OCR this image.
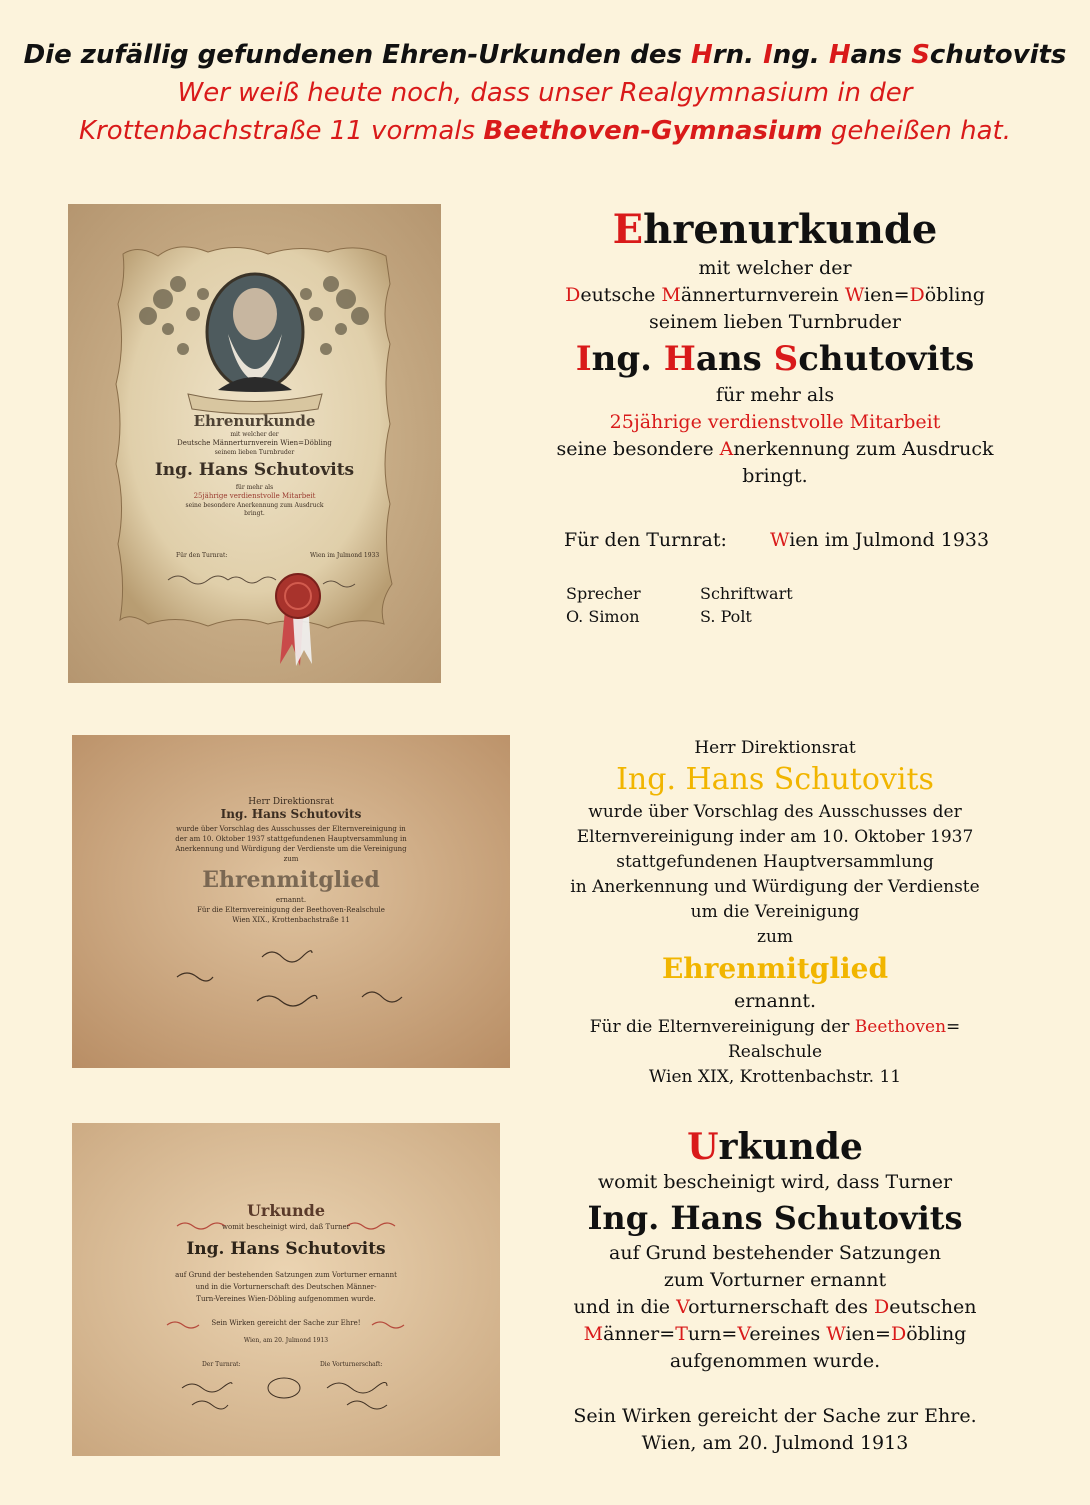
Die zufällig gefundenen Ehren-Urkunden des Hrn. Ing. Hans Schutovits
Wer weiß heute noch, dass unser Realgymnasium in der
Krottenbachstraße 11 vormals Beethoven-Gymnasium geheißen hat.
Ehrenurkunde
mit welcher der
Deutsche Männerturnverein Wien=Döbling
seinem lieben Turnbruder
Ing. Hans Schutovits
für mehr als
25jährige verdienstvolle Mitarbeit
seine besondere Anerkennung zum Ausdruck
bringt.
Für den Turnrat:	Wien im Julmond 1933
Herr Direktionsrat
Ing. Hans Schutovits
wurde über Vorschlag des Ausschusses der Elternvereinigung in
der am 10. Oktober 1937 stattgefundenen Hauptversammlung in
Anerkennung und Würdigung der Verdienste um die Vereinigung
zum
Ehrenmitglied
ernannt.
Für die Elternvereinigung der Beethoven-Realschule
Wien XIX., Krottenbachstraße 11
Urkunde
womit bescheinigt wird, daß Turner
Ing. Hans Schutovits
auf Grund der bestehenden Satzungen zum Vorturner ernannt
und in die Vorturnerschaft des Deutschen Männer-
Turn-Vereines Wien-Döbling aufgenommen wurde.
Sein Wirken gereicht der Sache zur Ehre!
Wien, am 20. Julmond 1913
Der Turnrat:	Die Vorturnerschaft:
Ehrenurkunde
mit welcher der
Deutsche Männerturnverein Wien=Döbling
seinem lieben Turnbruder
Ing. Hans Schutovits
für mehr als
25jährige verdienstvolle Mitarbeit
seine besondere Anerkennung zum Ausdruck
bringt.
Für den Turnrat: Wien im Julmond 1933
Sprecher
O. Simon
Schriftwart
S. Polt
Herr Direktionsrat
Ing. Hans Schutovits
wurde über Vorschlag des Ausschusses der
Elternvereinigung inder am 10. Oktober 1937
stattgefundenen Hauptversammlung
in Anerkennung und Würdigung der Verdienste
um die Vereinigung
zum
Ehrenmitglied
ernannt.
Für die Elternvereinigung der Beethoven= Realschule
Wien XIX, Krottenbachstr. 11
Urkunde
womit bescheinigt wird, dass Turner
Ing. Hans Schutovits
auf Grund bestehender Satzungen
zum Vorturner ernannt
und in die Vorturnerschaft des Deutschen
Männer=Turn=Vereines Wien=Döbling
aufgenommen wurde.
Sein Wirken gereicht der Sache zur Ehre.
Wien, am 20. Julmond 1913
